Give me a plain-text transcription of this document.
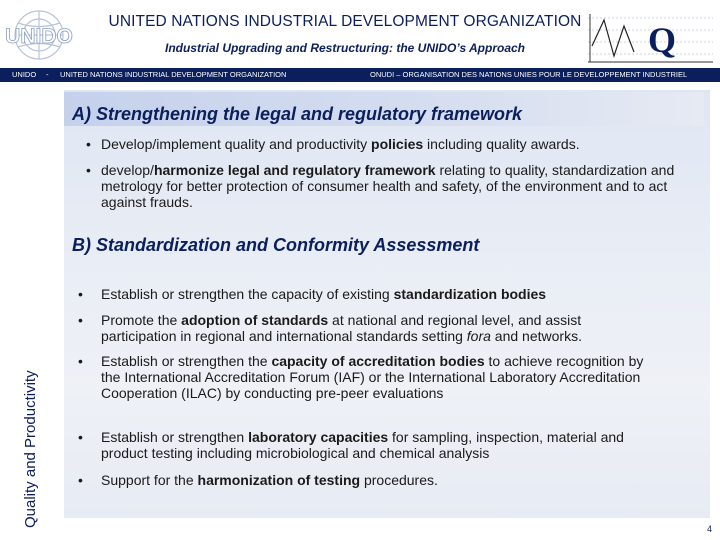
UNIDO
UNITED NATIONS INDUSTRIAL DEVELOPMENT ORGANIZATION
Industrial Upgrading and Restructuring: the UNIDO’s Approach	Q
UNIDO - UNITED NATIONS INDUSTRIAL DEVELOPMENT ORGANIZATION	ONUDI – ORGANISATION DES NATIONS UNIES POUR LE DEVELOPPEMENT INDUSTRIEL
A) Strengthening the legal and regulatory framework
• Develop/implement quality and productivity policies including quality awards.
• develop/harmonize legal and regulatory framework relating to quality, standardization and metrology for better protection of consumer health and safety, of the environment and to act against frauds.
B) Standardization and Conformity Assessment
• Establish or strengthen the capacity of existing standardization bodies
• Promote the adoption of standards at national and regional level, and assist participation in regional and international standards setting fora and networks.
• Establish or strengthen the capacity of accreditation bodies to achieve recognition by the International Accreditation Forum (IAF) or the International Laboratory Accreditation Cooperation (ILAC) by conducting pre-peer evaluations
• Establish or strengthen laboratory capacities for sampling, inspection, material and product testing including microbiological and chemical analysis
• Support for the harmonization of testing procedures.
Quality and Productivity
4
